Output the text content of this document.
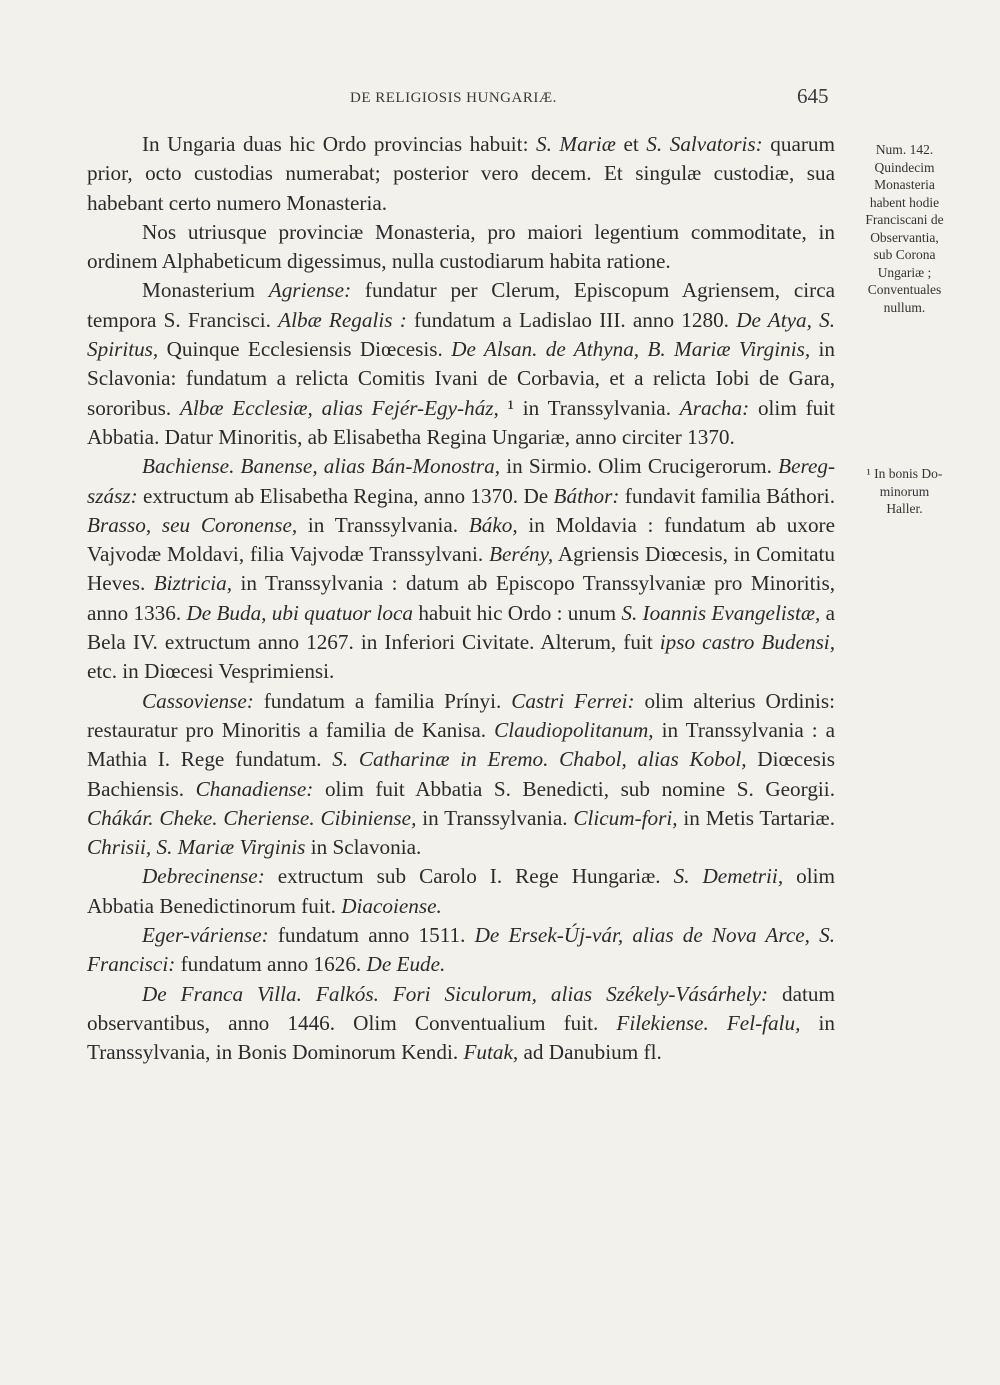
DE RELIGIOSIS HUNGARIÆ.	645

In Ungaria duas hic Ordo provincias habuit: S. Mariæ et S. Salvatoris: quarum prior, octo custodias numerabat; posterior vero decem. Et singulæ custodiæ, sua habebant certo numero Monasteria.

Nos utriusque provinciæ Monasteria, pro maiori legentium commoditate, in ordinem Alphabeticum digessimus, nulla custodiarum habita ratione.

Monasterium Agriense: fundatur per Clerum, Episcopum Agriensem, circa tempora S. Francisci. Albæ Regalis : fundatum a Ladislao III. anno 1280. De Atya, S. Spiritus, Quinque Ecclesiensis Diœcesis. De Alsan. de Athyna, B. Mariæ Virginis, in Sclavonia: fundatum a relicta Comitis Ivani de Corbavia, et a relicta Iobi de Gara, sororibus. Albæ Ecclesiæ, alias Fejér-Egy-ház, ¹ in Transsylvania. Aracha: olim fuit Abbatia. Datur Minoritis, ab Elisabetha Regina Ungariæ, anno circiter 1370.

Bachiense. Banense, alias Bán-Monostra, in Sirmio. Olim Crucigerorum. Bereg-szász: extructum ab Elisabetha Regina, anno 1370. De Báthor: fundavit familia Báthori. Brasso, seu Coronense, in Transsylvania. Báko, in Moldavia : fundatum ab uxore Vajvodæ Moldavi, filia Vajvodæ Transsylvani. Berény, Agriensis Diœcesis, in Comitatu Heves. Biztricia, in Transsylvania : datum ab Episcopo Transsylvaniæ pro Minoritis, anno 1336. De Buda, ubi quatuor loca habuit hic Ordo : unum S. Ioannis Evangelistæ, a Bela IV. extructum anno 1267. in Inferiori Civitate. Alterum, fuit ipso castro Budensi, etc. in Diœcesi Vesprimiensi.

Cassoviense: fundatum a familia Prínyi. Castri Ferrei: olim alterius Ordinis: restauratur pro Minoritis a familia de Kanisa. Claudiopolitanum, in Transsylvania : a Mathia I. Rege fundatum. S. Catharinæ in Eremo. Chabol, alias Kobol, Diœcesis Bachiensis. Chanadiense: olim fuit Abbatia S. Benedicti, sub nomine S. Georgii. Chákár. Cheke. Cheriense. Cibiniense, in Transsylvania. Clicum-fori, in Metis Tartariæ. Chrisii, S. Mariæ Virginis in Sclavonia.

Debrecinense: extructum sub Carolo I. Rege Hungariæ. S. Demetrii, olim Abbatia Benedictinorum fuit. Diacoiense.

Eger-váriense: fundatum anno 1511. De Ersek-Új-vár, alias de Nova Arce, S. Francisci: fundatum anno 1626. De Eude.

De Franca Villa. Falkós. Fori Siculorum, alias Székely-Vásárhely: datum observantibus, anno 1446. Olim Conventualium fuit. Filekiense. Fel-falu, in Transsylvania, in Bonis Dominorum Kendi. Futak, ad Danubium fl.

Num. 142.
Quindecim
Monasteria
habent hodie
Franciscani de
Observantia,
sub Corona
Ungariæ ;
Conventuales
nullum.
¹ In bonis Do-
minorum
Haller.
